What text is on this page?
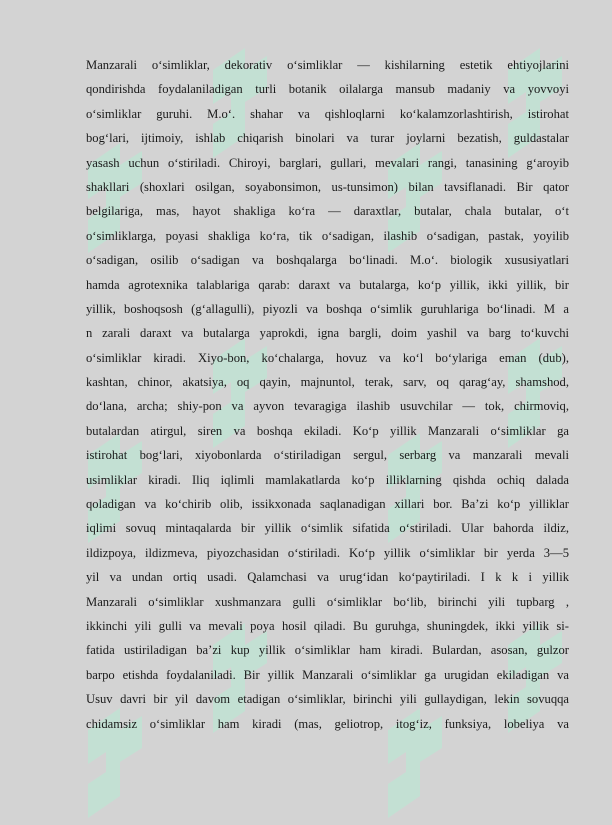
Manzarali o‘simliklar, dekorativ o‘simliklar — kishilarning estetik ehtiyojlarini
qondirishda foydalaniladigan turli botanik oilalarga mansub madaniy va yovvoyi
o‘simliklar guruhi. M.o‘. shahar va qishloqlarni ko‘kalamzorlashtirish, istirohat
bog‘lari, ijtimoiy, ishlab chiqarish binolari va turar joylarni bezatish, guldastalar
yasash uchun o‘stiriladi. Chiroyi, barglari, gullari, mevalari rangi, tanasining g‘aroyib
shakllari (shoxlari osilgan, soyabonsimon, us-tunsimon) bilan tavsiflanadi. Bir qator
belgilariga, mas, hayot shakliga ko‘ra — daraxtlar, butalar, chala butalar, o‘t
o‘simliklarga, poyasi shakliga ko‘ra, tik o‘sadigan, ilashib o‘sadigan, pastak, yoyilib
o‘sadigan, osilib o‘sadigan va boshqalarga bo‘linadi. M.o‘. biologik xususiyatlari
hamda agrotexnika talablariga qarab: daraxt va butalarga, ko‘p yillik, ikki yillik, bir
yillik, boshoqsosh (g‘allagulli), piyozli va boshqa o‘simlik guruhlariga bo‘linadi. M a
n zarali daraxt va butalarga yaprokdi, igna bargli, doim yashil va barg to‘kuvchi
o‘simliklar kiradi. Xiyo-bon, ko‘chalarga, hovuz va ko‘l bo‘ylariga eman (dub),
kashtan, chinor, akatsiya, oq qayin, majnuntol, terak, sarv, oq qarag‘ay, shamshod,
do‘lana, archa; shiy-pon va ayvon tevaragiga ilashib usuvchilar — tok, chirmoviq,
butalardan atirgul, siren va boshqa ekiladi. Ko‘p yillik Manzarali o‘simliklar ga
istirohat bog‘lari, xiyobonlarda o‘stiriladigan sergul, serbarg va manzarali mevali
usimliklar kiradi. Iliq iqlimli mamlakatlarda ko‘p illiklarning qishda ochiq dalada
qoladigan va ko‘chirib olib, issikxonada saqlanadigan xillari bor. Ba’zi ko‘p yilliklar
iqlimi sovuq mintaqalarda bir yillik o‘simlik sifatida o‘stiriladi. Ular bahorda ildiz,
ildizpoya, ildizmeva, piyozchasidan o‘stiriladi. Ko‘p yillik o‘simliklar bir yerda 3—5
yil va undan ortiq usadi. Qalamchasi va urug‘idan ko‘paytiriladi. I k k i yillik
Manzarali o‘simliklar xushmanzara gulli o‘simliklar bo‘lib, birinchi yili tupbarg ,
ikkinchi yili gulli va mevali poya hosil qiladi. Bu guruhga, shuningdek, ikki yillik si-
fatida ustiriladigan ba’zi kup yillik o‘simliklar ham kiradi. Bulardan, asosan, gulzor
barpo etishda foydalaniladi. Bir yillik Manzarali o‘simliklar ga urugidan ekiladigan va
Usuv davri bir yil davom etadigan o‘simliklar, birinchi yili gullaydigan, lekin sovuqqa
chidamsiz o‘simliklar ham kiradi (mas, geliotrop, itog‘iz, funksiya, lobeliya va
